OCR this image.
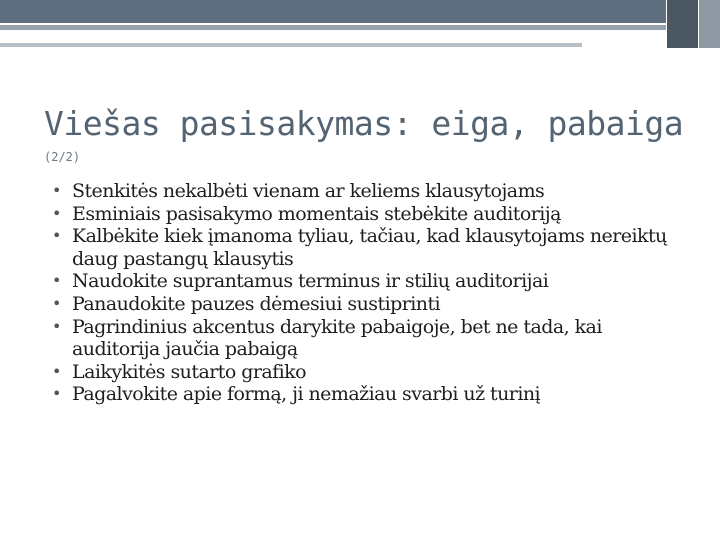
Viešas pasisakymas: eiga, pabaiga
(2/2)
• Stenkitės nekalbėti vienam ar keliems klausytojams
• Esminiais pasisakymo momentais stebėkite auditoriją
• Kalbėkite kiek įmanoma tyliau, tačiau, kad klausytojams nereiktų daug pastangų klausytis
• Naudokite suprantamus terminus ir stilių auditorijai
• Panaudokite pauzes dėmesiui sustiprinti
• Pagrindinius akcentus darykite pabaigoje, bet ne tada, kai auditorija jaučia pabaigą
• Laikykitės sutarto grafiko
• Pagalvokite apie formą, ji nemažiau svarbi už turinį
